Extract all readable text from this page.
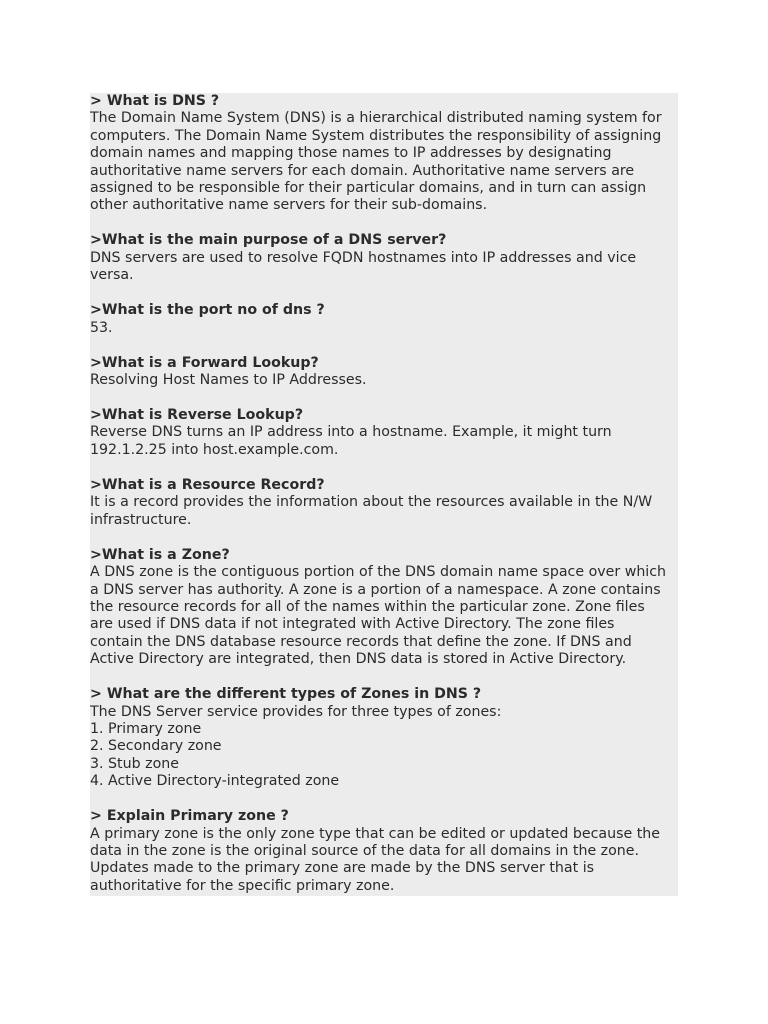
> What is DNS ?
The Domain Name System (DNS) is a hierarchical distributed naming system for
computers. The Domain Name System distributes the responsibility of assigning
domain names and mapping those names to IP addresses by designating
authoritative name servers for each domain. Authoritative name servers are
assigned to be responsible for their particular domains, and in turn can assign
other authoritative name servers for their sub-domains.
>What is the main purpose of a DNS server?
DNS servers are used to resolve FQDN hostnames into IP addresses and vice
versa.
>What is the port no of dns ?
53.
>What is a Forward Lookup?
Resolving Host Names to IP Addresses.
>What is Reverse Lookup?
Reverse DNS turns an IP address into a hostname. Example, it might turn
192.1.2.25 into host.example.com.
>What is a Resource Record?
It is a record provides the information about the resources available in the N/W
infrastructure.
>What is a Zone?
A DNS zone is the contiguous portion of the DNS domain name space over which
a DNS server has authority. A zone is a portion of a namespace. A zone contains
the resource records for all of the names within the particular zone. Zone files
are used if DNS data if not integrated with Active Directory. The zone files
contain the DNS database resource records that define the zone. If DNS and
Active Directory are integrated, then DNS data is stored in Active Directory.
> What are the different types of Zones in DNS ?
The DNS Server service provides for three types of zones:
1. Primary zone
2. Secondary zone
3. Stub zone
4. Active Directory-integrated zone
> Explain Primary zone ?
A primary zone is the only zone type that can be edited or updated because the
data in the zone is the original source of the data for all domains in the zone.
Updates made to the primary zone are made by the DNS server that is
authoritative for the specific primary zone.
